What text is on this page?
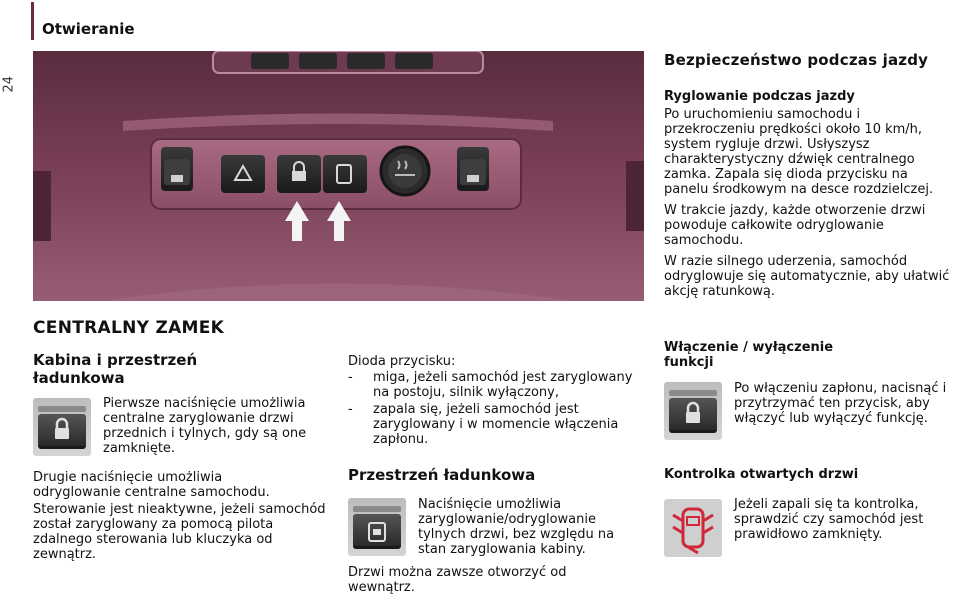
24
Otwieranie
CENTRALNY ZAMEK
Kabina i przestrzeń ładunkowa
Pierwsze naciśnięcie umożliwia centralne zaryglowanie drzwi przednich i tylnych, gdy są one zamknięte.
Drugie naciśnięcie umożliwia odryglowanie centralne samochodu.
Sterowanie jest nieaktywne, jeżeli samochód został zaryglowany za pomocą pilota zdalnego sterowania lub kluczyka od zewnątrz.
Dioda przycisku:
- miga, jeżeli samochód jest zaryglowany na postoju, silnik wyłączony,
- zapala się, jeżeli samochód jest zaryglowany i w momencie włączenia zapłonu.
Przestrzeń ładunkowa
Naciśnięcie umożliwia zaryglowanie/odryglowanie tylnych drzwi, bez względu na stan zaryglowania kabiny.
Drzwi można zawsze otworzyć od wewnątrz.
Bezpieczeństwo podczas jazdy
Ryglowanie podczas jazdy

Po uruchomieniu samochodu i przekroczeniu prędkości około 10 km/h, system rygluje drzwi. Usłyszysz charakterystyczny dźwięk centralnego zamka. Zapala się dioda przycisku na panelu środkowym na desce rozdzielczej.

W trakcie jazdy, każde otworzenie drzwi powoduje całkowite odryglowanie samochodu.

W razie silnego uderzenia, samochód odryglowuje się automatycznie, aby ułatwić akcję ratunkową.

Włączenie / wyłączenie funkcji
Po włączeniu zapłonu, nacisnąć i przytrzymać ten przycisk, aby włączyć lub wyłączyć funkcję.
Kontrolka otwartych drzwi
Jeżeli zapali się ta kontrolka, sprawdzić czy samochód jest prawidłowo zamknięty.
